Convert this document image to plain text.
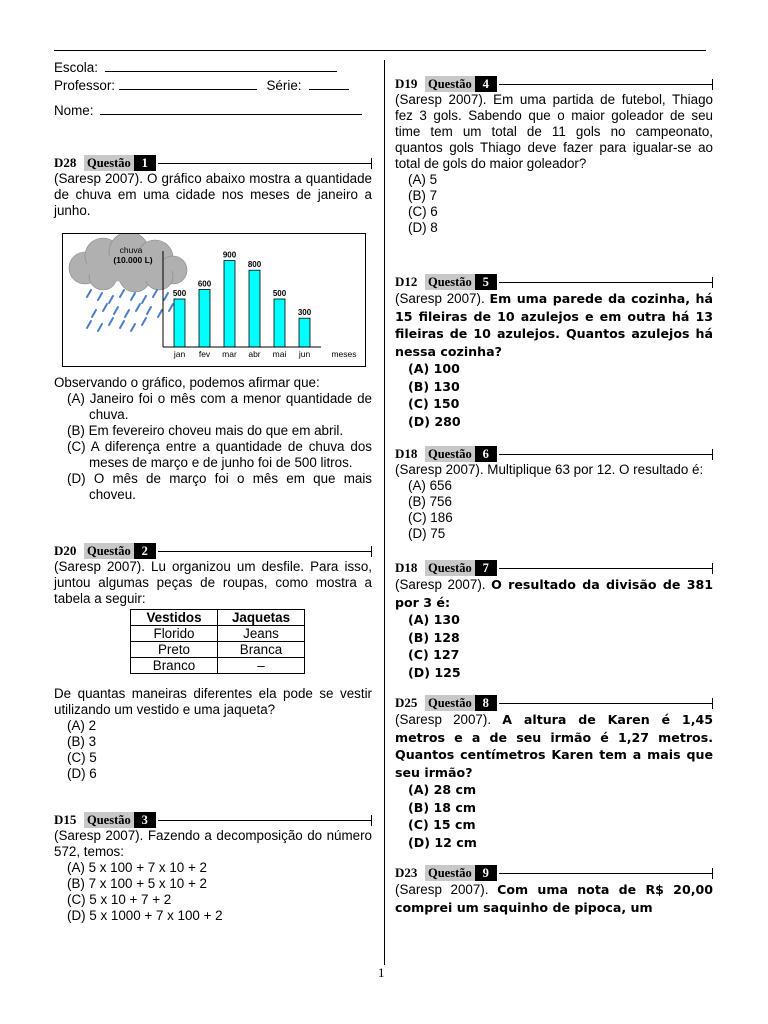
Escola:
Professor:	Série:
Nome:
D28 Questão 1

(Saresp 2007). O gráfico abaixo mostra a quantidade de chuva em uma cidade nos meses de janeiro a junho.

chuva
(10.000 L)
500
jan
600
fev
900
mar
800
abr
500
mai
300
jun	meses

Observando o gráfico, podemos afirmar que:

(A) Janeiro foi o mês com a menor quantidade de chuva.
(B) Em fevereiro choveu mais do que em abril.
(C) A diferença entre a quantidade de chuva dos meses de março e de junho foi de 500 litros.
(D) O mês de março foi o mês em que mais choveu.
D20 Questão 2

(Saresp 2007). Lu organizou um desfile. Para isso, juntou algumas peças de roupas, como mostra a tabela a seguir:

Vestidos	Jaquetas
Florido	Jeans
Preto	Branca
Branco	–

De quantas maneiras diferentes ela pode se vestir utilizando um vestido e uma jaqueta?

(A) 2
(B) 3
(C) 5
(D) 6
D15 Questão 3

(Saresp 2007). Fazendo a decomposição do número 572, temos:

(A) 5 x 100 + 7 x 10 + 2
(B) 7 x 100 + 5 x 10 + 2
(C) 5 x 10 + 7 + 2
(D) 5 x 1000 + 7 x 100 + 2
D19 Questão 4

(Saresp 2007). Em uma partida de futebol, Thiago fez 3 gols. Sabendo que o maior goleador de seu time tem um total de 11 gols no campeonato, quantos gols Thiago deve fazer para igualar-se ao total de gols do maior goleador?

(A) 5
(B) 7
(C) 6
(D) 8
D12 Questão 5

(Saresp 2007). Em uma parede da cozinha, há 15 fileiras de 10 azulejos e em outra há 13 fileiras de 10 azulejos. Quantos azulejos há nessa cozinha?

(A) 100
(B) 130
(C) 150
(D) 280
D18 Questão 6

(Saresp 2007). Multiplique 63 por 12. O resultado é:

(A) 656
(B) 756
(C) 186
(D) 75
D18 Questão 7

(Saresp 2007). O resultado da divisão de 381 por 3 é:

(A) 130
(B) 128
(C) 127
(D) 125
D25 Questão 8

(Saresp 2007). A altura de Karen é 1,45 metros e a de seu irmão é 1,27 metros. Quantos centímetros Karen tem a mais que seu irmão?

(A) 28 cm
(B) 18 cm
(C) 15 cm
(D) 12 cm
D23 Questão 9

(Saresp 2007). Com uma nota de R$ 20,00 comprei um saquinho de pipoca, um

1
